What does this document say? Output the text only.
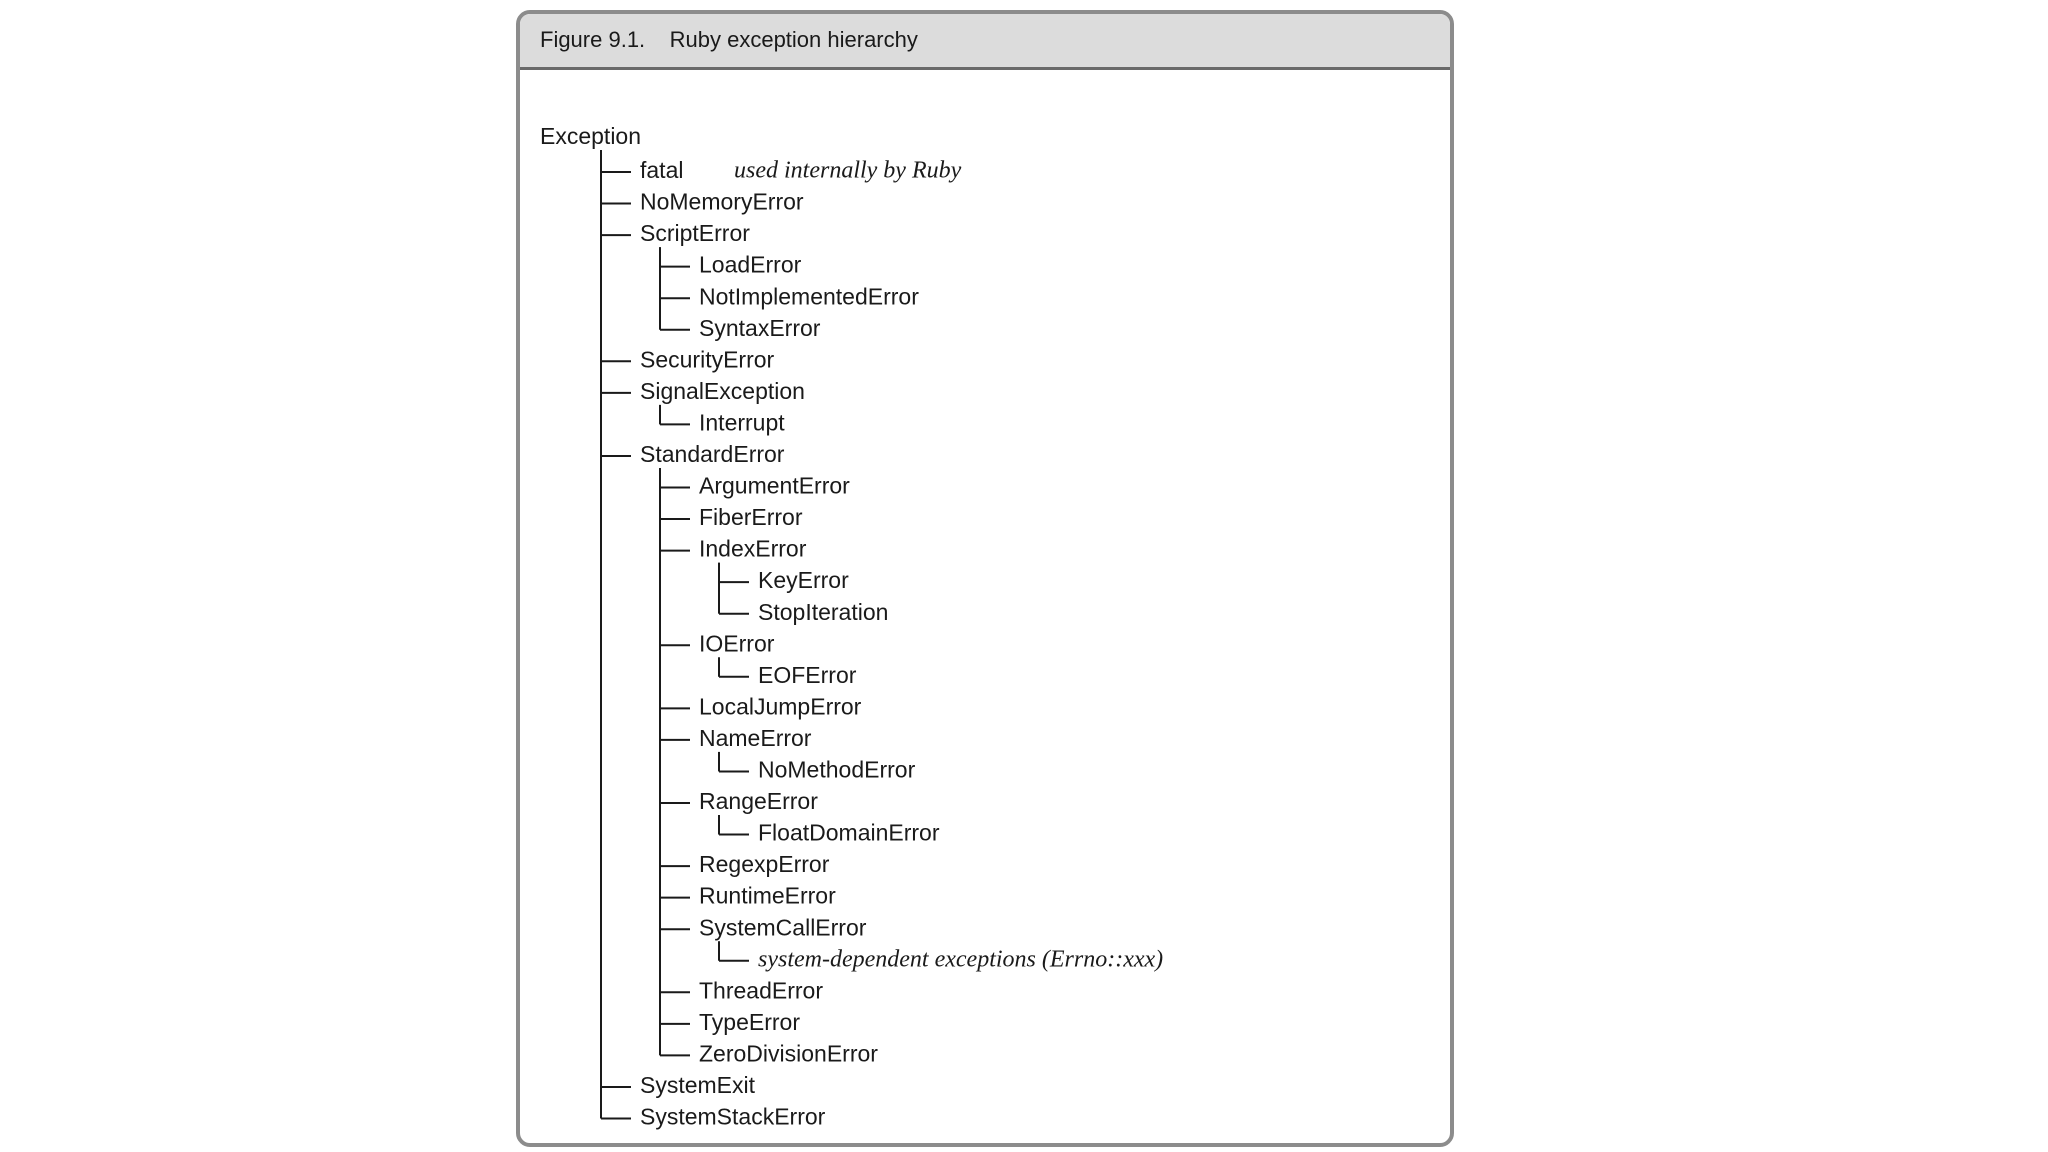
Figure 9.1. Ruby exception hierarchy
Exception
fatal used internally by Ruby
NoMemoryError
ScriptError
LoadError
NotImplementedError
SyntaxError
SecurityError
SignalException
Interrupt
StandardError
ArgumentError
FiberError
IndexError
KeyError
StopIteration
IOError
EOFError
LocalJumpError
NameError
NoMethodError
RangeError
FloatDomainError
RegexpError
RuntimeError
SystemCallError
system-dependent exceptions (Errno::xxx)
ThreadError
TypeError
ZeroDivisionError
SystemExit
SystemStackError
